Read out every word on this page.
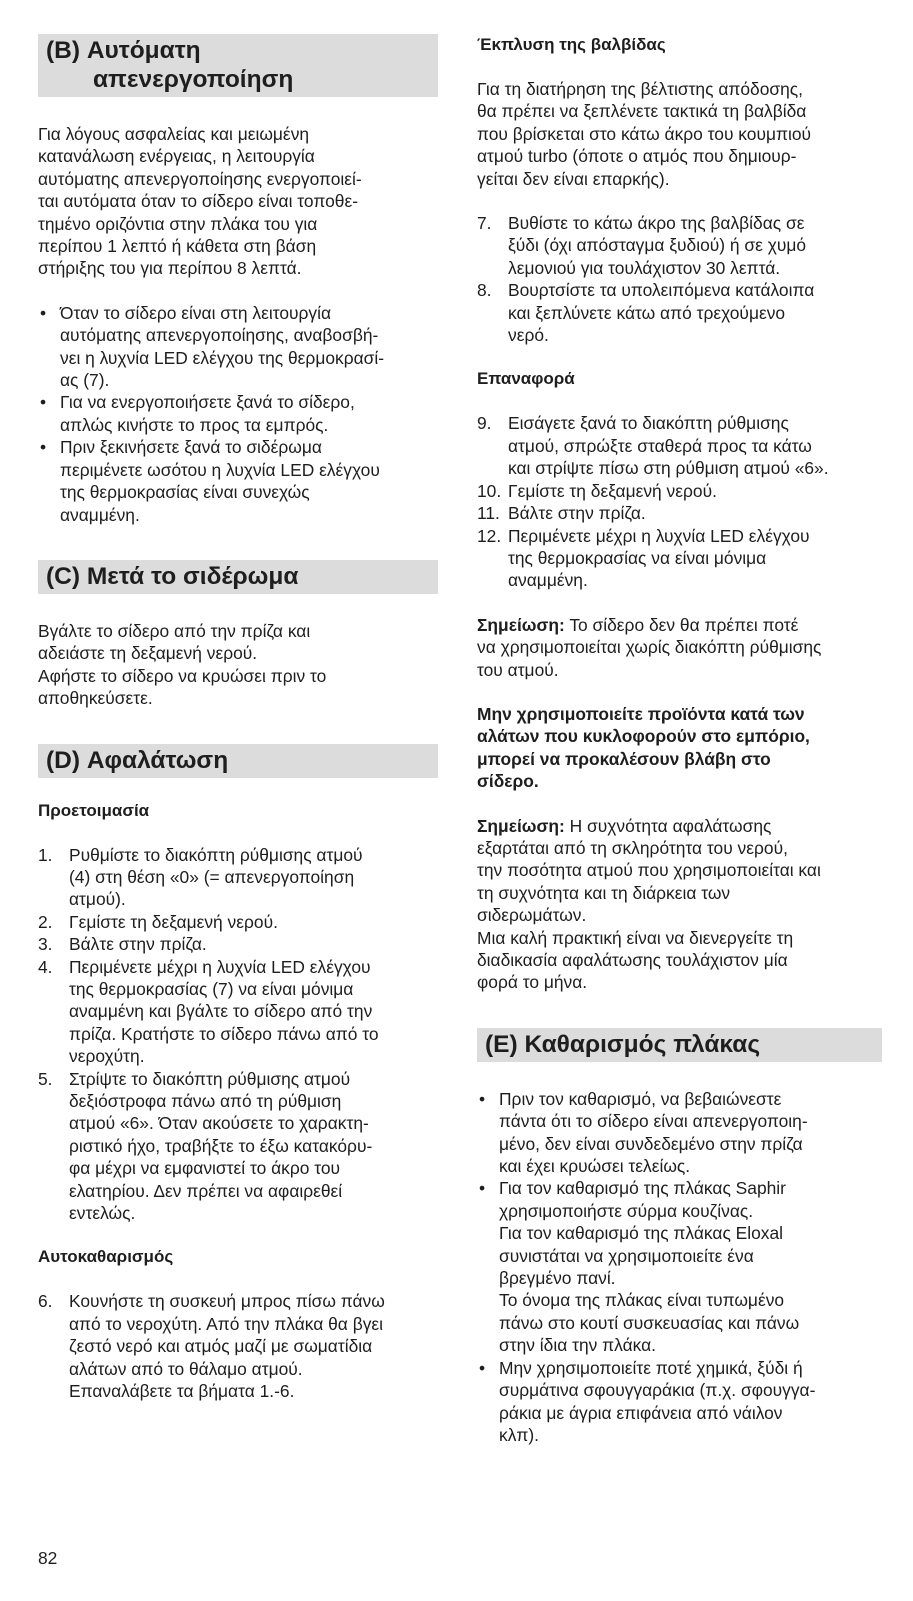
(B) Αυτόματη
απενεργοποίηση

Για λόγους ασφαλείας και μειωμένη
κατανάλωση ενέργειας, η λειτουργία
αυτόματης απενεργοποίησης ενεργοποιεί-
ται αυτόματα όταν το σίδερο είναι τοποθε-
τημένο οριζόντια στην πλάκα του για
περίπου 1 λεπτό ή κάθετα στη βάση
στήριξης του για περίπου 8 λεπτά.

• Όταν το σίδερο είναι στη λειτουργία
αυτόματης απενεργοποίησης, αναβοσβή-
νει η λυχνία LED ελέγχου της θερμοκρασί-
ας (7).
• Για να ενεργοποιήσετε ξανά το σίδερο,
απλώς κινήστε το προς τα εμπρός.
• Πριν ξεκινήσετε ξανά το σιδέρωμα
περιμένετε ωσότου η λυχνία LED ελέγχου
της θερμοκρασίας είναι συνεχώς
αναμμένη.
(C) Μετά το σιδέρωμα

Βγάλτε το σίδερο από την πρίζα και
αδειάστε τη δεξαμενή νερού.
Αφήστε το σίδερο να κρυώσει πριν το
αποθηκεύσετε.

(D) Αφαλάτωση

Προετοιμασία

1. Ρυθμίστε το διακόπτη ρύθμισης ατμού
(4) στη θέση «0» (= απενεργοποίηση
ατμού).
2. Γεμίστε τη δεξαμενή νερού.
3. Βάλτε στην πρίζα.
4. Περιμένετε μέχρι η λυχνία LED ελέγχου
της θερμοκρασίας (7) να είναι μόνιμα
αναμμένη και βγάλτε το σίδερο από την
πρίζα. Κρατήστε το σίδερο πάνω από το
νεροχύτη.
5. Στρίψτε το διακόπτη ρύθμισης ατμού
δεξιόστροφα πάνω από τη ρύθμιση
ατμού «6». Όταν ακούσετε το χαρακτη-
ριστικό ήχο, τραβήξτε το έξω κατακόρυ-
φα μέχρι να εμφανιστεί το άκρο του
ελατηρίου. Δεν πρέπει να αφαιρεθεί
εντελώς.

Αυτοκαθαρισμός

6. Κουνήστε τη συσκευή μπρος πίσω πάνω
από το νεροχύτη. Από την πλάκα θα βγει
ζεστό νερό και ατμός μαζί με σωματίδια
αλάτων από το θάλαμο ατμού.
Επαναλάβετε τα βήματα 1.-6.

Έκπλυση της βαλβίδας

Για τη διατήρηση της βέλτιστης απόδοσης,
θα πρέπει να ξεπλένετε τακτικά τη βαλβίδα
που βρίσκεται στο κάτω άκρο του κουμπιού
ατμού turbo (όποτε ο ατμός που δημιουρ-
γείται δεν είναι επαρκής).

7. Βυθίστε το κάτω άκρο της βαλβίδας σε
ξύδι (όχι απόσταγμα ξυδιού) ή σε χυμό
λεμονιού για τουλάχιστον 30 λεπτά.
8. Βουρτσίστε τα υπολειπόμενα κατάλοιπα
και ξεπλύνετε κάτω από τρεχούμενο
νερό.

Επαναφορά

9. Εισάγετε ξανά το διακόπτη ρύθμισης
ατμού, σπρώξτε σταθερά προς τα κάτω
και στρίψτε πίσω στη ρύθμιση ατμού «6».
10. Γεμίστε τη δεξαμενή νερού.
11. Βάλτε στην πρίζα.
12. Περιμένετε μέχρι η λυχνία LED ελέγχου
της θερμοκρασίας να είναι μόνιμα
αναμμένη.

Σημείωση: Το σίδερο δεν θα πρέπει ποτέ
να χρησιμοποιείται χωρίς διακόπτη ρύθμισης
του ατμού.

Μην χρησιμοποιείτε προϊόντα κατά των
αλάτων που κυκλοφορούν στο εμπόριο,
μπορεί να προκαλέσουν βλάβη στο
σίδερο.

Σημείωση: Η συχνότητα αφαλάτωσης
εξαρτάται από τη σκληρότητα του νερού,
την ποσότητα ατμού που χρησιμοποιείται και
τη συχνότητα και τη διάρκεια των
σιδερωμάτων.
Μια καλή πρακτική είναι να διενεργείτε τη
διαδικασία αφαλάτωσης τουλάχιστον μία
φορά το μήνα.

(E) Καθαρισμός πλάκας
• Πριν τον καθαρισμό, να βεβαιώνεστε
πάντα ότι το σίδερο είναι απενεργοποιη-
μένο, δεν είναι συνδεδεμένο στην πρίζα
και έχει κρυώσει τελείως.
• Για τον καθαρισμό της πλάκας Saphir
χρησιμοποιήστε σύρμα κουζίνας.
Για τον καθαρισμό της πλάκας Eloxal
συνιστάται να χρησιμοποιείτε ένα
βρεγμένο πανί.
Το όνομα της πλάκας είναι τυπωμένο
πάνω στο κουτί συσκευασίας και πάνω
στην ίδια την πλάκα.
• Μην χρησιμοποιείτε ποτέ χημικά, ξύδι ή
συρμάτινα σφουγγαράκια (π.χ. σφουγγα-
ράκια με άγρια επιφάνεια από νάιλον
κλπ).
82
